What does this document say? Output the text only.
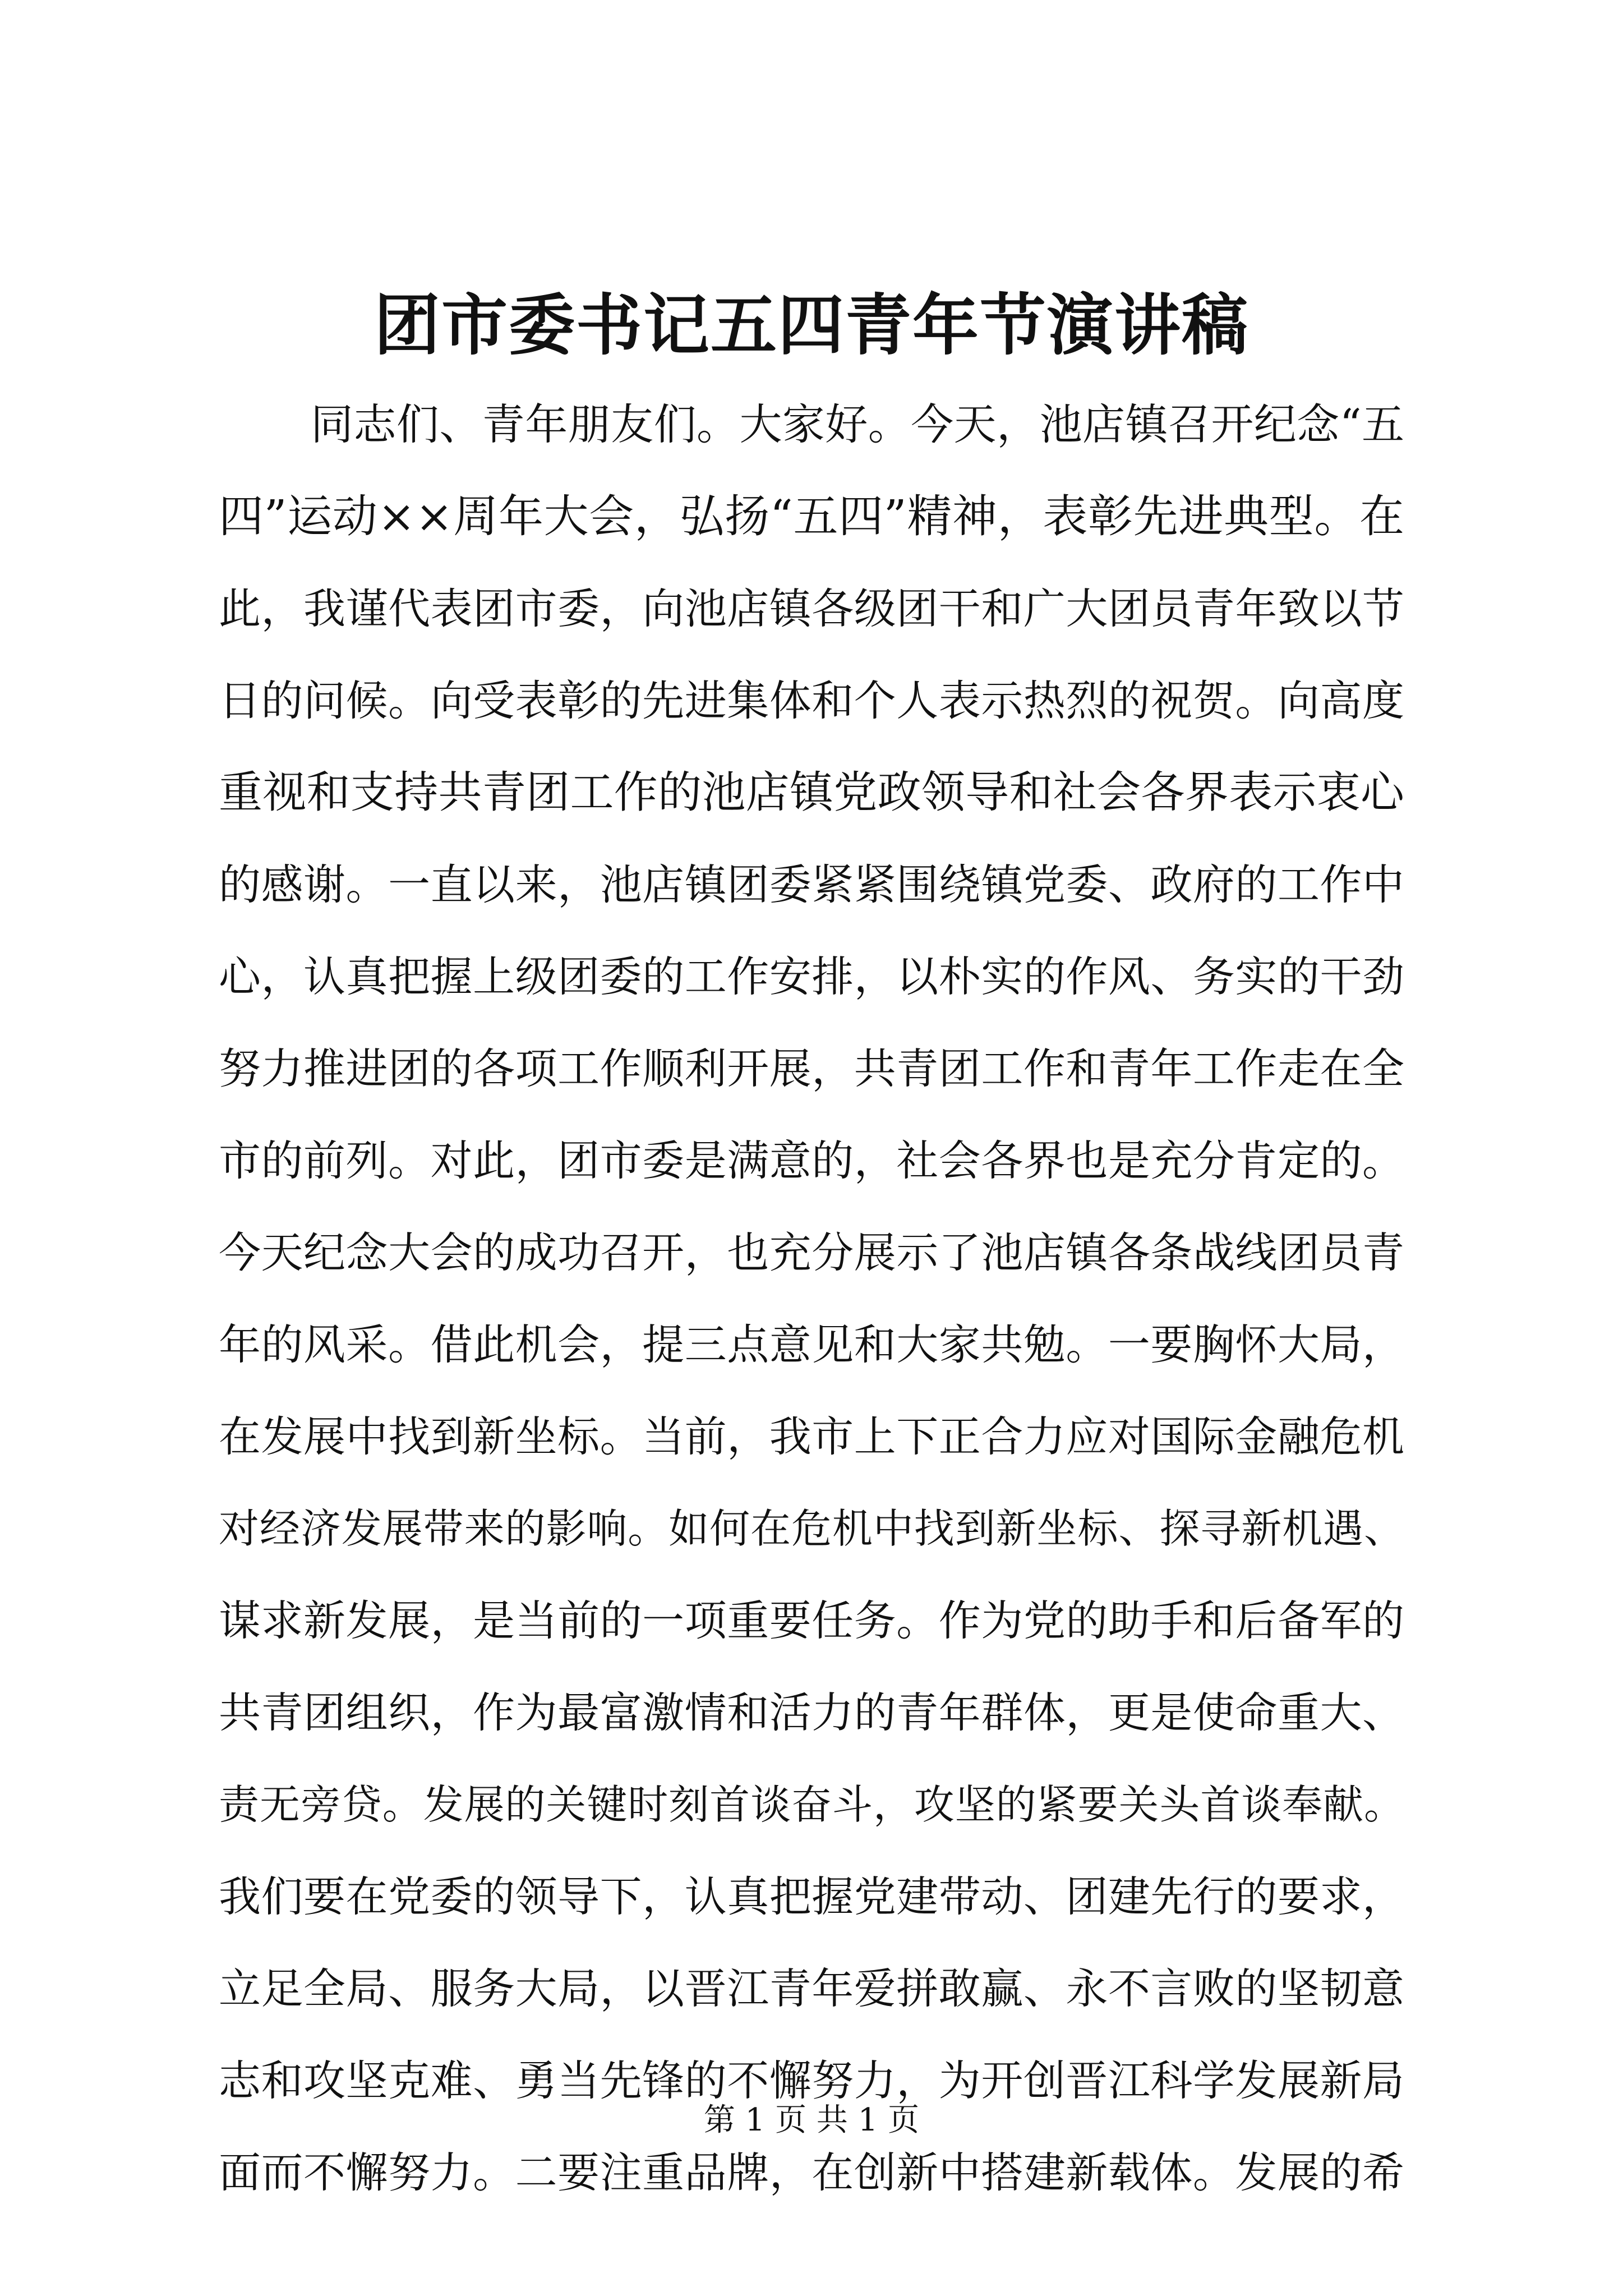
团市委书记五四青年节演讲稿
同志们、青年朋友们。大家好。今天，池店镇召开纪念“五
四”运动××周年大会，弘扬“五四”精神，表彰先进典型。在
此，我谨代表团市委，向池店镇各级团干和广大团员青年致以节
日的问候。向受表彰的先进集体和个人表示热烈的祝贺。向高度
重视和支持共青团工作的池店镇党政领导和社会各界表示衷心
的感谢。一直以来，池店镇团委紧紧围绕镇党委、政府的工作中
心，认真把握上级团委的工作安排，以朴实的作风、务实的干劲
努力推进团的各项工作顺利开展，共青团工作和青年工作走在全
市的前列。对此，团市委是满意的，社会各界也是充分肯定的。
今天纪念大会的成功召开，也充分展示了池店镇各条战线团员青
年的风采。借此机会，提三点意见和大家共勉。一要胸怀大局，
在发展中找到新坐标。当前，我市上下正合力应对国际金融危机
对经济发展带来的影响。如何在危机中找到新坐标、探寻新机遇、
谋求新发展，是当前的一项重要任务。作为党的助手和后备军的
共青团组织，作为最富激情和活力的青年群体，更是使命重大、
责无旁贷。发展的关键时刻首谈奋斗，攻坚的紧要关头首谈奉献。
我们要在党委的领导下，认真把握党建带动、团建先行的要求，
立足全局、服务大局，以晋江青年爱拼敢赢、永不言败的坚韧意
志和攻坚克难、勇当先锋的不懈努力，为开创晋江科学发展新局
面而不懈努力。二要注重品牌，在创新中搭建新载体。发展的希
第 1 页 共 1 页
